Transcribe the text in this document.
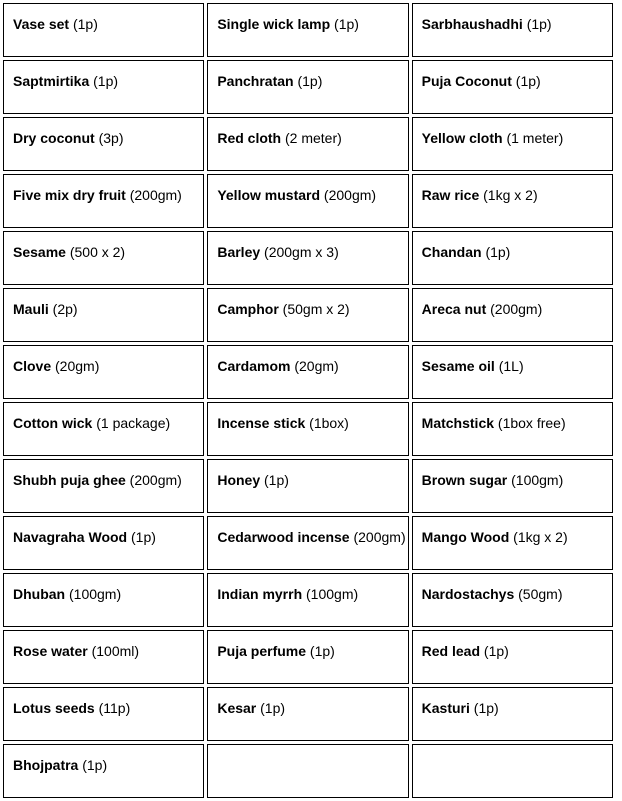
Vase set (1p)	Single wick lamp (1p)	Sarbhaushadhi (1p)
Saptmirtika (1p)	Panchratan (1p)	Puja Coconut (1p)
Dry coconut (3p)	Red cloth (2 meter)	Yellow cloth (1 meter)
Five mix dry fruit (200gm)	Yellow mustard (200gm)	Raw rice (1kg x 2)
Sesame (500 x 2)	Barley (200gm x 3)	Chandan (1p)
Mauli (2p)	Camphor (50gm x 2)	Areca nut (200gm)
Clove (20gm)	Cardamom (20gm)	Sesame oil (1L)
Cotton wick (1 package)	Incense stick (1box)	Matchstick (1box free)
Shubh puja ghee (200gm)	Honey (1p)	Brown sugar (100gm)
Navagraha Wood (1p)	Cedarwood incense (200gm)	Mango Wood (1kg x 2)
Dhuban (100gm)	Indian myrrh (100gm)	Nardostachys (50gm)
Rose water (100ml)	Puja perfume (1p)	Red lead (1p)
Lotus seeds (11p)	Kesar (1p)	Kasturi (1p)
Bhojpatra (1p)		
